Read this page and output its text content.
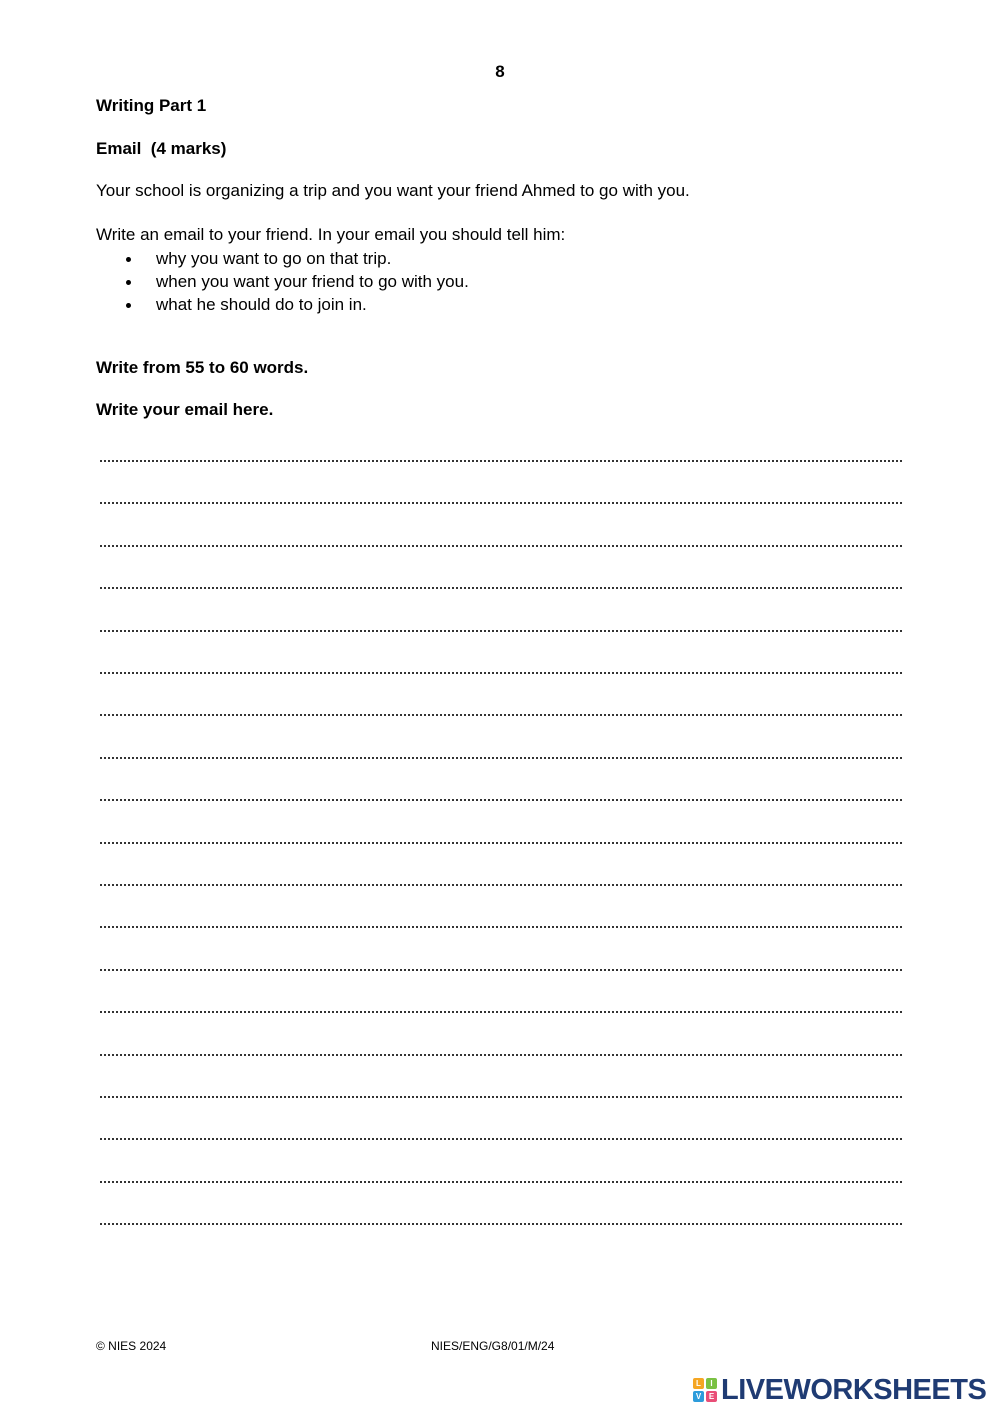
8
Writing Part 1
Email  (4 marks)
Your school is organizing a trip and you want your friend Ahmed to go with you.
Write an email to your friend. In your email you should tell him:
why you want to go on that trip.
when you want your friend to go with you.
what he should do to join in.
Write from 55 to 60 words.
Write your email here.
© NIES 2024	NIES/ENG/G8/01/M/24
L	I
V E LIVEWORKSHEETS
